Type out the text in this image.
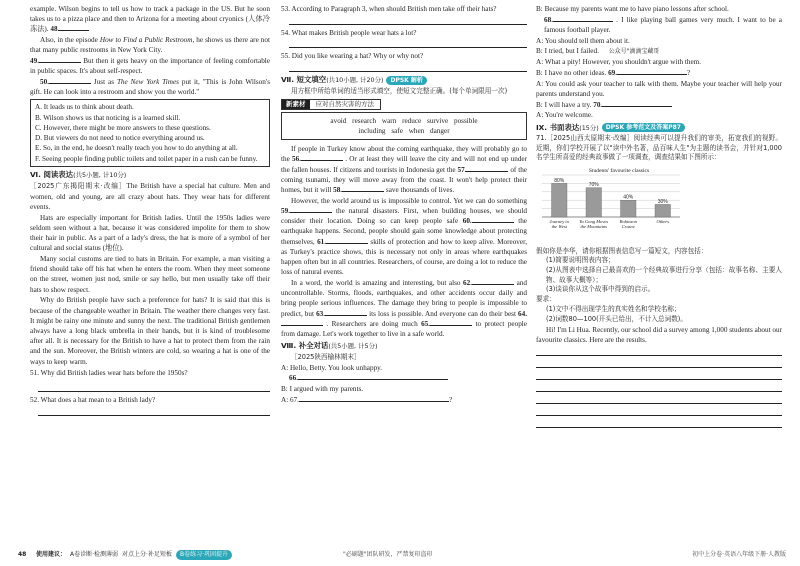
example. Wilson begins to tell us how to track a package in the US. But he soon takes us to a pizza place and then to Arizona for a meeting about cryonics (人体冷冻法). 48.

Also, in the episode How to Find a Public Restroom, he shows us there are not that many public restrooms in New York City.

49.	But then it gets heavy on the importance of feeling comfortable in public spaces. It's about self-respect.

50.	Just as The New York Times put it, "This is John Wilson's gift. He can look into a restroom and show you the world."

A. It leads us to think about death.

B. Wilson shows us that noticing is a learned skill.

C. However, there might be more answers to these questions.

D. But viewers do not need to notice everything around us.

E. So, in the end, he doesn't really teach you how to do anything at all.

F. Seeing people finding public toilets and toilet paper in a rush can be funny.

Ⅵ. 阅读表达(共5小题, 计10分)

［2025广东揭阳期末·改编］The British have a special hat culture. Men and women, old and young, are all crazy about hats. They wear hats for different events.

Hats are especially important for British ladies. Until the 1950s ladies were seldom seen without a hat, because it was considered impolite for them to show their hair in public. As a part of a lady's dress, the hat is more of a symbol of her cultural and social status (地位).

Many social customs are tied to hats in Britain. For example, a man visiting a friend should take off his hat when he enters the room. When they meet someone on the street, women just nod, smile or say hello, but men usually take off their hats to show respect.

Why do British people have such a preference for hats? It is said that this is because of the changeable weather in Britain. The weather there changes very fast. It might be rainy one minute and sunny the next. The traditional British gentlemen always have a long black umbrella in their hands, but it is kind of troublesome after all. It is necessary for the British to have a hat to protect them from the rain and the sun. Moreover, the British winters are cold, so wearing a hat is one of the ways to keep warm.

51. Why did British ladies wear hats before the 1950s?

52. What does a hat mean to a British lady?

53. According to Paragraph 3, when should British men take off their hats?

54. What makes British people wear hats a lot?

55. Did you like wearing a hat? Why or why not?

Ⅶ. 短文填空(共10小题, 计20分) DPSK 解析

用方框中所给单词的适当形式填空，使短文完整正确。(每个单词限用一次)

新素材	应对自然灾害的方法
avoid research warn reduce survive possible
including safe when danger

If people in Turkey know about the coming earthquake, they will probably go to the 56.	. Or at least they will leave the city and will not end up under the fallen houses. If citizens and tourists in Indonesia get the 57.	of the coming tsunami, they will move away from the coast. It won't help protect their homes, but it will 58.	save thousands of lives.

However, the world around us is impossible to control. Yet we can do something 59.	the natural disasters. First, when building houses, we should consider their location. Doing so can keep people safe 60.	the earthquake happens. Second, people should gain some knowledge about protecting themselves, 61.	skills of protection and how to keep alive. Moreover, as Turkey's practice shows, this is necessary not only in areas where earthquakes happen often but in all countries. Researchers, of course, are doing a lot to reduce the loss of natural events.

In a word, the world is amazing and interesting, but also 62.	and uncontrollable. Storms, floods, earthquakes, and other accidents occur daily and bring people serious influences. The damage they bring to people is impossible to predict, but 63.	its loss is possible. And everyone can do their best 64. . Researchers are doing much 65.	to protect people from damage. Let's work together to live in a safe world.

Ⅷ. 补全对话(共5小题, 计5分)

［2025陕西榆林期末］

A: Hello, Betty. You look unhappy.

66.

B: I argued with my parents.

A: 67.	?

B: Because my parents want me to have piano lessons after school.

68.	. I like playing ball games very much. I want to be a famous football player.

A: You should tell them about it.

B: I tried, but I failed. 公众号"滴滴宝藏哥

A: What a pity! However, you shouldn't argue with them.

B: I have no other ideas. 69.	?

A: You could ask your teacher to talk with them. Maybe your teacher will help your parents understand you.

B: I will have a try. 70.

A: You're welcome.

Ⅸ. 书面表达(15分) DPSK 参考范文及答案P87

71.［2025山西太原期末·改编］阅读经典可以提升我们的审美，拓宽我们的视野。近期，你们学校开展了以"读中外名著，品百味人生"为主题的读书会，并针对1,000名学生所喜爱的经典故事做了一项调查，调查结果如下图所示：

Students' favourite classics
80%
Journey to the West
70%
Yu Gong Moves the Mountains
40%
Robinson Crusoe
30%
Others

假如你是李华，请你根据图表信息写一篇短文，内容包括：

(1)简要说明图表内容；

(2)从图表中选择自己最喜欢的一个经典故事进行分享（包括：故事名称、主要人物、故事大概等）；

(3)谈谈你从这个故事中得到的启示。

要求：

(1)文中不得出现学生的真实姓名和学校名称；

(2)词数80—100(开头已给出，不计入总词数)。

Hi! I'm Li Hua. Recently, our school did a survey among 1,000 students about our favourite classics. Here are the results.

48 使用建议： A卷诊断·检测薄弱 对点上分·补足短板	B卷练习·巩固提升	"必刷题"团队研发，严禁复印盗印	初中上分卷·英语八年级下册·人教版
